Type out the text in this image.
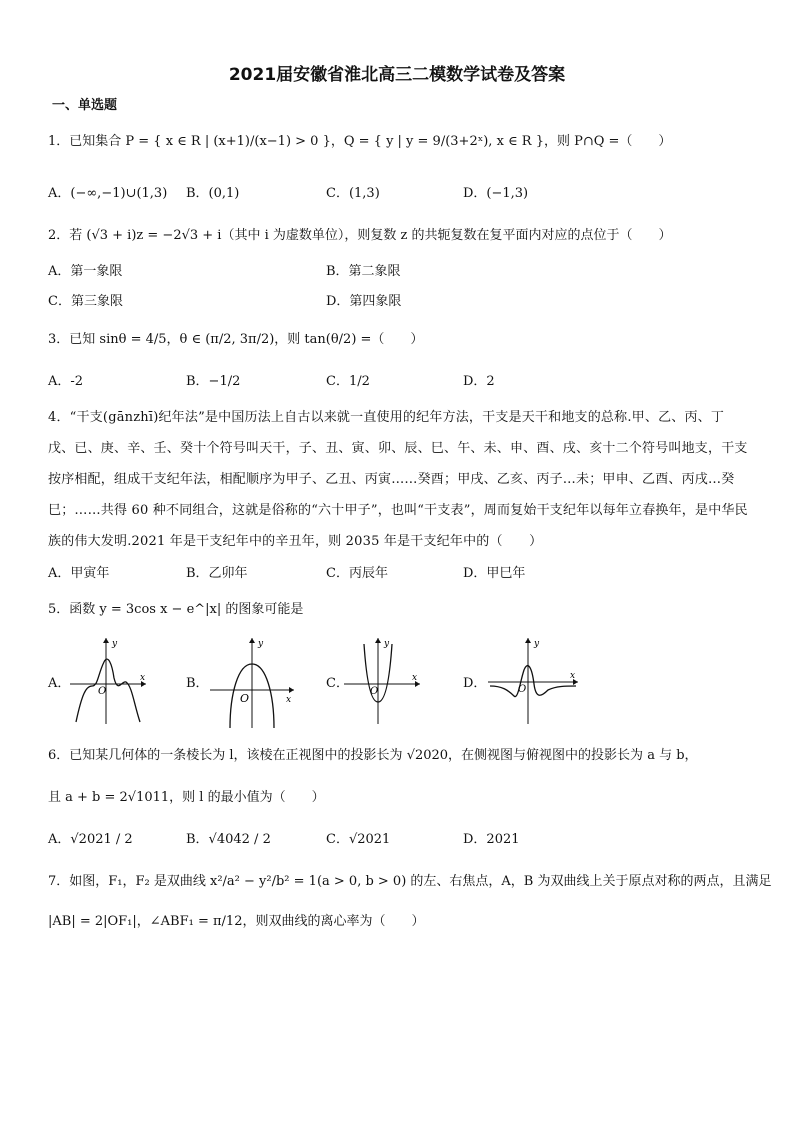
2021届安徽省淮北高三二模数学试卷及答案
一、单选题
1．已知集合 P = { x ∈ R | (x+1)/(x−1) > 0 }，Q = { y | y = 9/(3+2ˣ), x ∈ R }，则 P∩Q =（　　）
A．(−∞,−1)∪(1,3) B．(0,1)	C．(1,3)	D．(−1,3)
2．若 (√3 + i)z = −2√3 + i（其中 i 为虚数单位），则复数 z 的共轭复数在复平面内对应的点位于（　　）
A．第一象限	B．第二象限
C．第三象限	D．第四象限
3．已知 sinθ = 4/5，θ ∈ (π/2, 3π/2)，则 tan(θ/2) =（　　）
A．-2	B．−1/2	C．1/2	D．2
4．“干支(gānzhī)纪年法”是中国历法上自古以来就一直使用的纪年方法，干支是天干和地支的总称.甲、乙、丙、丁戊、已、庚、辛、壬、癸十个符号叫天干，子、丑、寅、卯、辰、巳、午、未、申、酉、戌、亥十二个符号叫地支，干支按序相配，组成干支纪年法，相配顺序为甲子、乙丑、丙寅……癸酉；甲戌、乙亥、丙子…未；甲申、乙酉、丙戌…癸巳；……共得 60 种不同组合，这就是俗称的“六十甲子”，也叫“干支表”，周而复始干支纪年以每年立春换年，是中华民族的伟大发明.2021 年是干支纪年中的辛丑年，则 2035 年是干支纪年中的（　　）
A．甲寅年	B．乙卯年	C．丙辰年	D．甲巳年
5．函数 y = 3cos x − e^|x| 的图象可能是
A．
y
x
O
B．
y
x
O
C．
y
x
O
D．
y
x
O
6．已知某几何体的一条棱长为 l，该棱在正视图中的投影长为 √2020，在侧视图与俯视图中的投影长为 a 与 b，
且 a + b = 2√1011，则 l 的最小值为（　　）
A．√2021 / 2	B．√4042 / 2	C．√2021	D．2021
7．如图，F₁，F₂ 是双曲线 x²/a² − y²/b² = 1(a > 0, b > 0) 的左、右焦点，A，B 为双曲线上关于原点对称的两点，且满足
|AB| = 2|OF₁|，∠ABF₁ = π/12，则双曲线的离心率为（　　）
